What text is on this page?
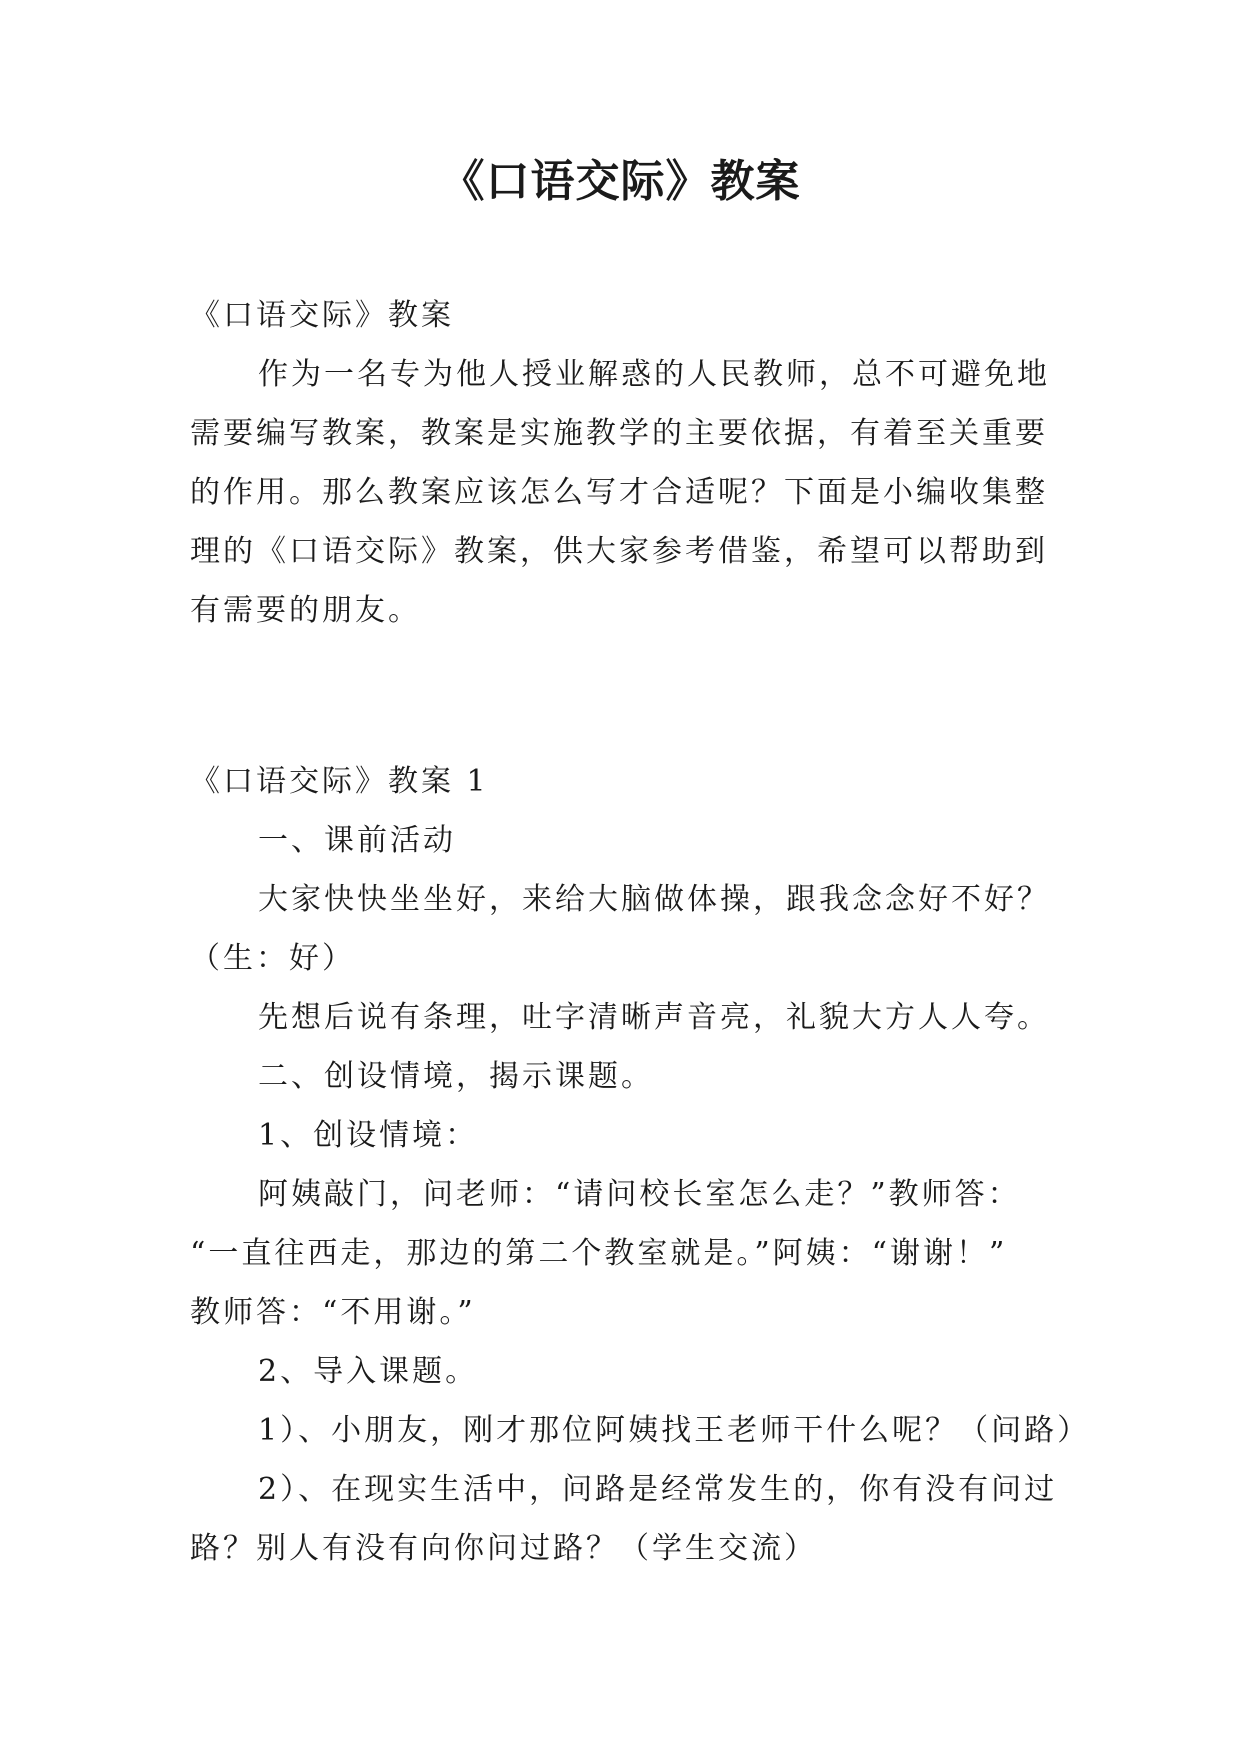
《口语交际》教案

《口语交际》教案

作为一名专为他人授业解惑的人民教师，总不可避免地

需要编写教案，教案是实施教学的主要依据，有着至关重要

的作用。那么教案应该怎么写才合适呢？下面是小编收集整

理的《口语交际》教案，供大家参考借鉴，希望可以帮助到

有需要的朋友。

《口语交际》教案 1

一、课前活动

大家快快坐坐好，来给大脑做体操，跟我念念好不好？

（生：好）

先想后说有条理，吐字清晰声音亮，礼貌大方人人夸。

二、创设情境，揭示课题。

1、创设情境：

阿姨敲门，问老师：“请问校长室怎么走？”教师答：

“一直往西走，那边的第二个教室就是。”阿姨：“谢谢！”

教师答：“不用谢。”

2、导入课题。

1）、小朋友，刚才那位阿姨找王老师干什么呢？（问路）

2）、在现实生活中，问路是经常发生的，你有没有问过

路？别人有没有向你问过路？（学生交流）
